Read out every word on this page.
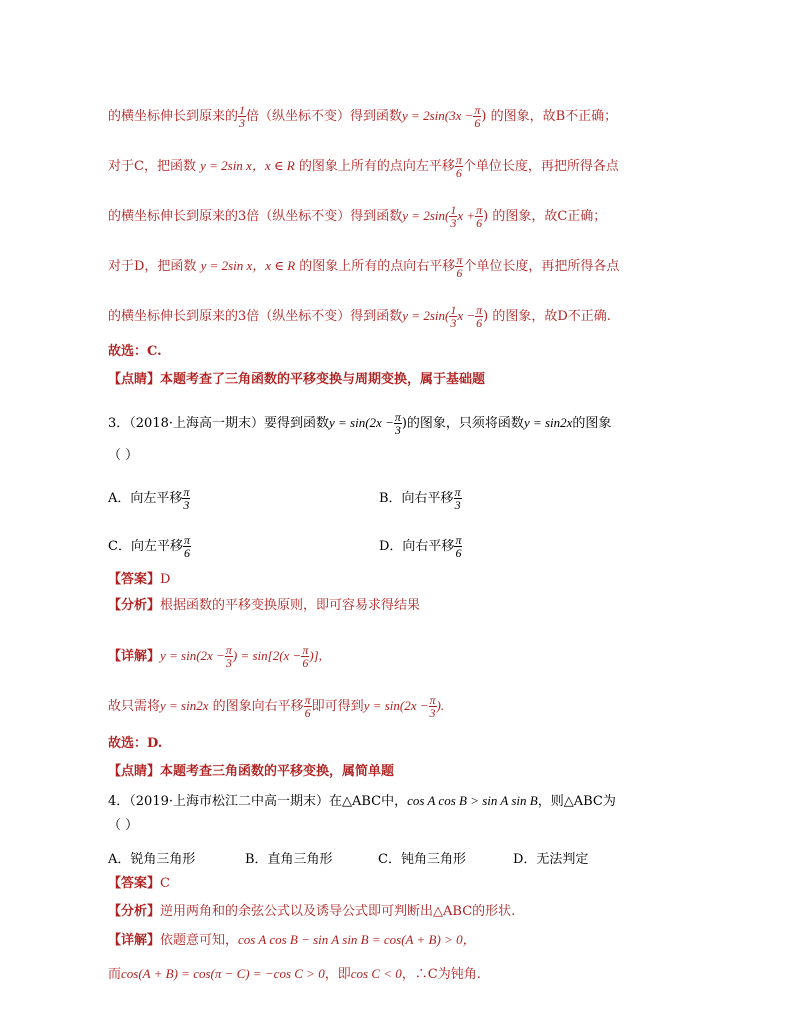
的横坐标伸长到原来的 $\frac{1}{3}$ 倍（纵坐标不变）得到函数$y = 2\sin(3x - \frac{\pi}{6}$ ) 的图象，故B不正确；
对于C，把函数 y = 2sin x，x ∈ R 的图象上所有的点向左平移 $\frac{\pi}{6}$ 个单位长度，再把所得各点
的横坐标伸长到原来的3倍（纵坐标不变）得到函数$y = 2\sin( \frac{1}{3}$ $x + \frac{\pi}{6}$ ) 的图象，故C正确；
对于D，把函数 y = 2sin x，x ∈ R 的图象上所有的点向右平移 $\frac{\pi}{6}$ 个单位长度，再把所得各点
的横坐标伸长到原来的3倍（纵坐标不变）得到函数$y = 2\sin( \frac{1}{3}$ $x - \frac{\pi}{6}$ ) 的图象，故D不正确.
故选：C.
【点睛】本题考查了三角函数的平移变换与周期变换，属于基础题
3．（2018·上海高一期末）要得到函数$y = \sin(2x - \frac{\pi}{3}$ )的图象，只须将函数y = sin2x的图象
（ ）
A．向左平移 $\frac{\pi}{3}$	B．向右平移 $\frac{\pi}{3}$
C．向左平移 $\frac{\pi}{6}$	D．向右平移 $\frac{\pi}{6}$
【答案】D
【分析】根据函数的平移变换原则，即可容易求得结果
【详解】$y = \sin(2x - \frac{\pi}{3}$ ) = $\sin[2(x - \frac{\pi}{6}$ )],
故只需将y = sin2x 的图象向右平移 $\frac{\pi}{6}$ 即可得到$y = \sin(2x - \frac{\pi}{3}$ ).
故选：D.
【点睛】本题考查三角函数的平移变换，属简单题
4．（2019·上海市松江二中高一期末）在△ABC中，cos A cos B > sin A sin B，则△ABC为
（ ）
A．锐角三角形	B．直角三角形	C．钝角三角形	D．无法判定
【答案】C
【分析】逆用两角和的余弦公式以及诱导公式即可判断出△ABC的形状.
【详解】依题意可知，cos A cos B − sin A sin B = cos(A + B) > 0，
而cos(A + B) = cos(π − C) = −cos C > 0，即cos C < 0，∴C为钝角.
